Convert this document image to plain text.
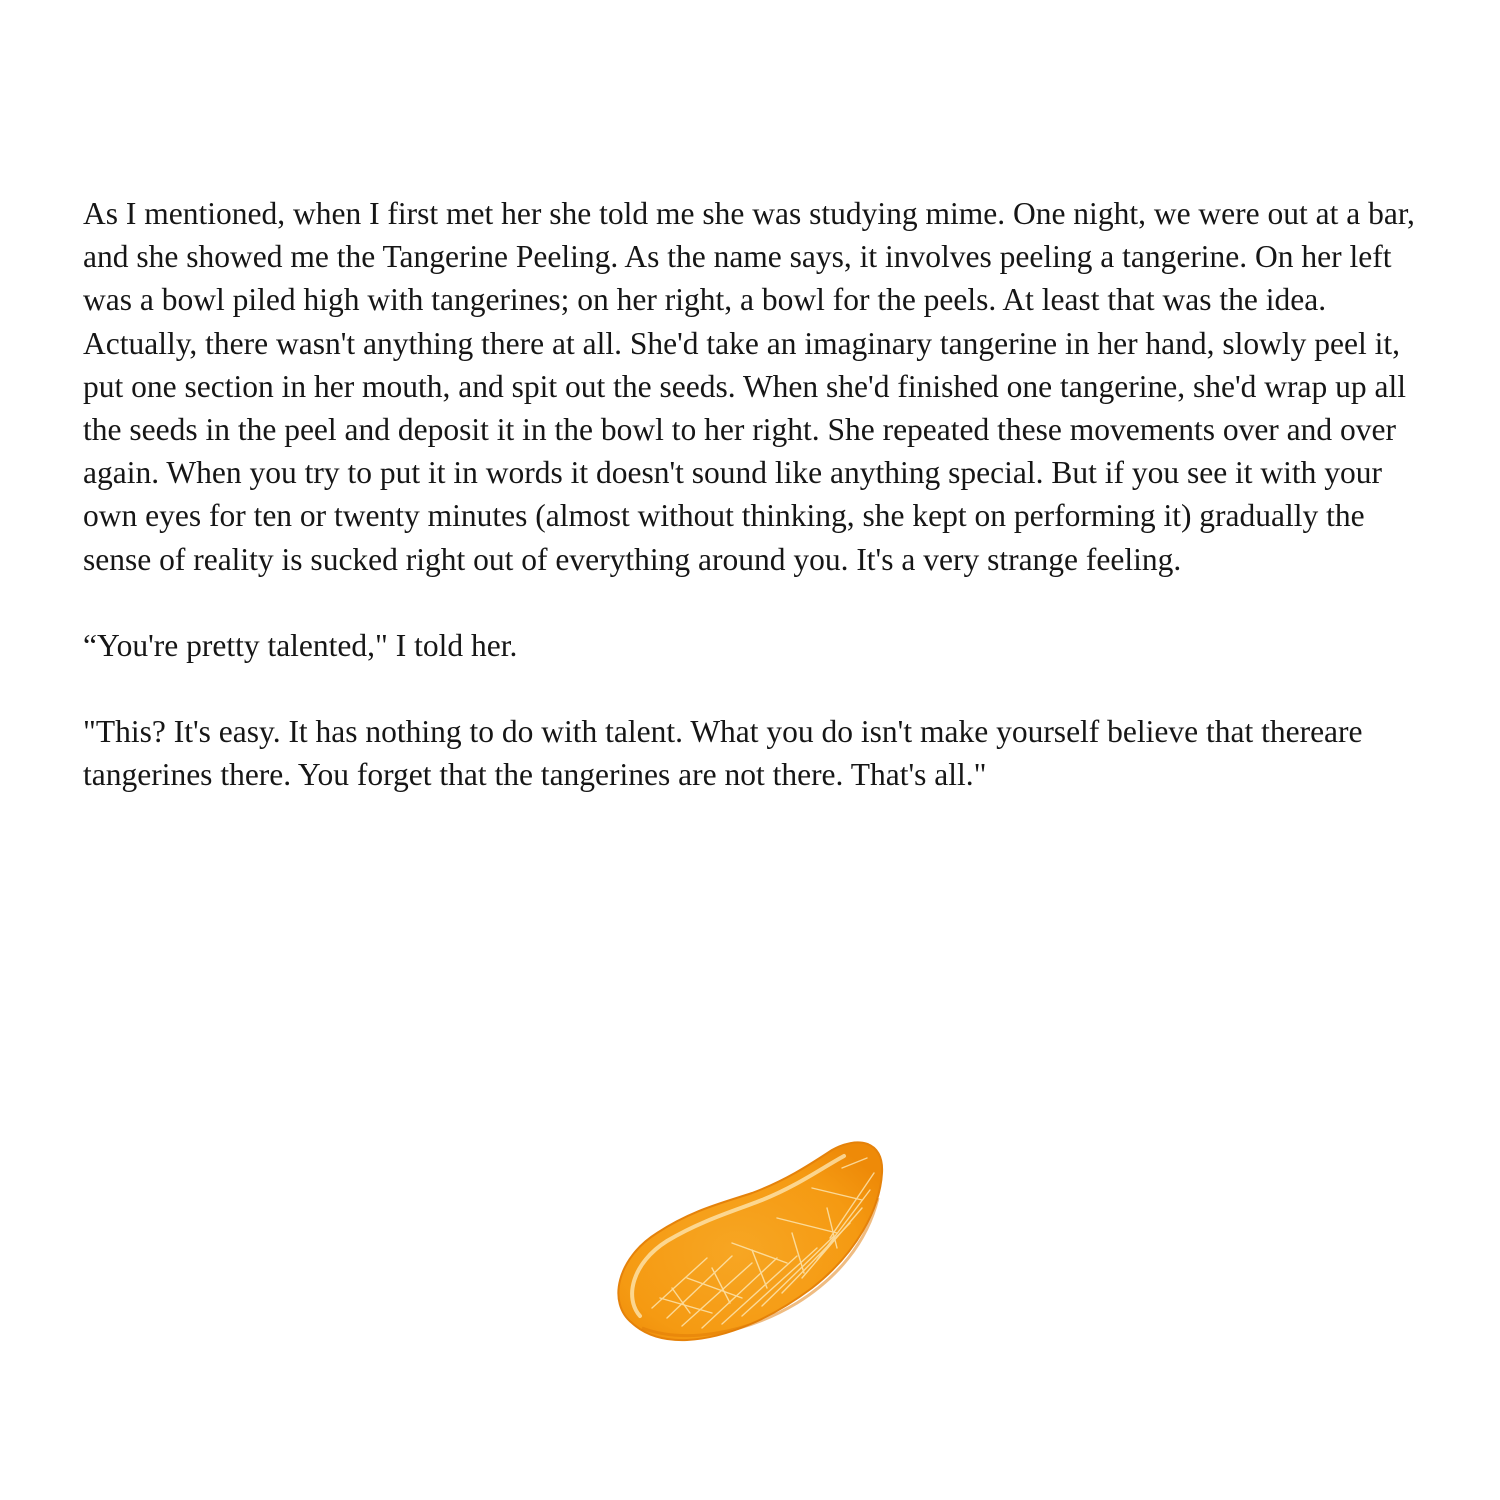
As I mentioned, when I first met her she told me she was studying mime. One night, we were out at a bar, and she showed me the Tangerine Peeling. As the name says, it involves peeling a tangerine. On her left was a bowl piled high with tangerines; on her right, a bowl for the peels. At least that was the idea. Actually, there wasn't anything there at all. She'd take an imaginary tangerine in her hand, slowly peel it, put one section in her mouth, and spit out the seeds. When she'd finished one tangerine, she'd wrap up all the seeds in the peel and deposit it in the bowl to her right. She repeated these movements over and over again. When you try to put it in words it doesn't sound like anything special. But if you see it with your own eyes for ten or twenty minutes (almost without thinking, she kept on performing it) gradually the sense of reality is sucked right out of everything around you. It's a very strange feeling.

“You're pretty talented," I told her.

"This? It's easy. It has nothing to do with talent. What you do isn't make yourself believe that thereare tangerines there. You forget that the tangerines are not there. That's all."
